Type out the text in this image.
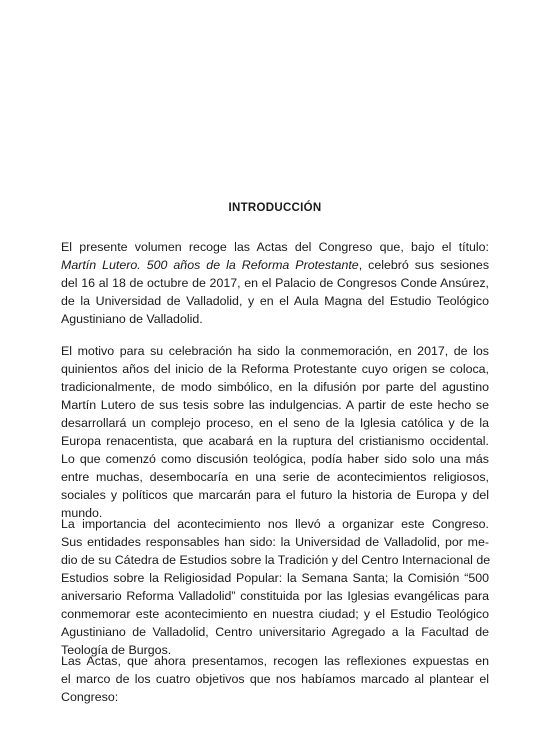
INTRODUCCIÓN
El presente volumen recoge las Actas del Congreso que, bajo el título:
Martín Lutero. 500 años de la Reforma Protestante, celebró sus sesiones
del 16 al 18 de octubre de 2017, en el Palacio de Congresos Conde Ansúrez,
de la Universidad de Valladolid, y en el Aula Magna del Estudio Teológico
Agustiniano de Valladolid.
El motivo para su celebración ha sido la conmemoración, en 2017, de los
quinientos años del inicio de la Reforma Protestante cuyo origen se coloca,
tradicionalmente, de modo simbólico, en la difusión por parte del agustino
Martín Lutero de sus tesis sobre las indulgencias. A partir de este hecho se
desarrollará un complejo proceso, en el seno de la Iglesia católica y de la
Europa renacentista, que acabará en la ruptura del cristianismo occidental.
Lo que comenzó como discusión teológica, podía haber sido solo una más
entre muchas, desembocaría en una serie de acontecimientos religiosos,
sociales y políticos que marcarán para el futuro la historia de Europa y del
mundo.
La importancia del acontecimiento nos llevó a organizar este Congreso.
Sus entidades responsables han sido: la Universidad de Valladolid, por me-
dio de su Cátedra de Estudios sobre la Tradición y del Centro Internacional de
Estudios sobre la Religiosidad Popular: la Semana Santa; la Comisión “500
aniversario Reforma Valladolid” constituida por las Iglesias evangélicas para
conmemorar este acontecimiento en nuestra ciudad; y el Estudio Teológico
Agustiniano de Valladolid, Centro universitario Agregado a la Facultad de
Teología de Burgos.
Las Actas, que ahora presentamos, recogen las reflexiones expuestas en
el marco de los cuatro objetivos que nos habíamos marcado al plantear el
Congreso:
